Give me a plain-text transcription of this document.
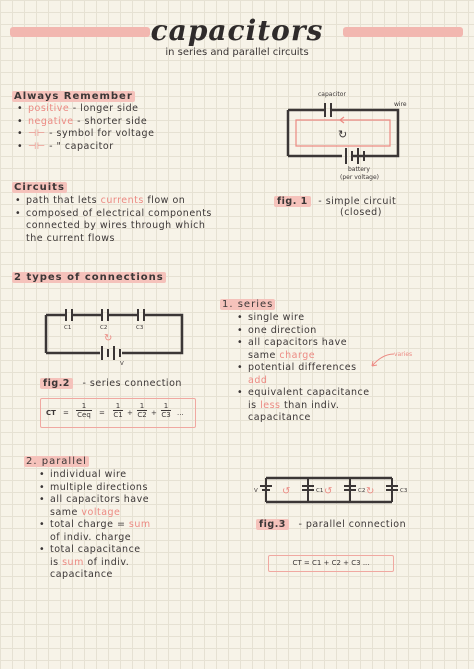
capacitors
in series and parallel circuits
Always Remember
• positive - longer side
• negative - shorter side
• ⊣⊢ - symbol for voltage
• ⊣⊢ - " capacitor
capacitor
wire
↻
battery
(per voltage)
fig. 1 - simple circuit
(closed)
Circuits
• path that lets currents flow on
• composed of electrical components
connected by wires through which
the current flows
2 types of connections
C1	C2	C3
↻
V
fig.2 - series connection
CT =
1
Ceq =
1
C1 +
1
C2 +
1
C3 ...
1. series
• single wire
• one direction
• all capacitors have
same charge
• potential differences
add
• equivalent capacitance
is less than indiv.
capacitance
varies
2. parallel
• individual wire
• multiple directions
• all capacitors have
same voltage
• total charge = sum
of indiv. charge
• total capacitance
is sum of indiv.
capacitance
V	C1	C2	C3
↺	↺	↻
fig.3 - parallel connection
CT = C1 + C2 + C3 ...
